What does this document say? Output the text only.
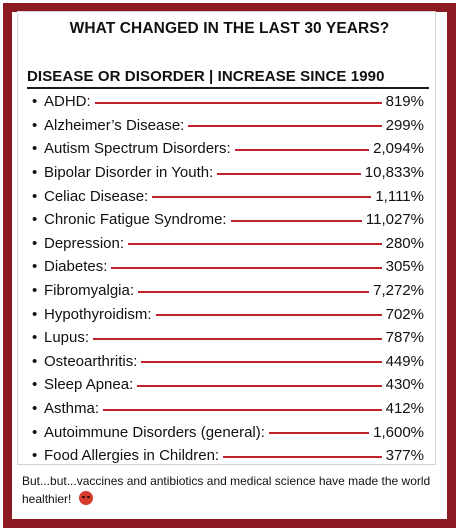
WHAT CHANGED IN THE LAST 30 YEARS?
DISEASE OR DISORDER | INCREASE SINCE 1990
• ADHD:	819%
• Alzheimer’s Disease:	299%
• Autism Spectrum Disorders:	2,094%
• Bipolar Disorder in Youth:	10,833%
• Celiac Disease:	1,111%
• Chronic Fatigue Syndrome:	11,027%
• Depression:	280%
• Diabetes:	305%
• Fibromyalgia:	7,272%
• Hypothyroidism:	702%
• Lupus:	787%
• Osteoarthritis:	449%
• Sleep Apnea:	430%
• Asthma:	412%
• Autoimmune Disorders (general):	1,600%
• Food Allergies in Children:	377%
But...but...vaccines and antibiotics and medical science have made the world healthier!
